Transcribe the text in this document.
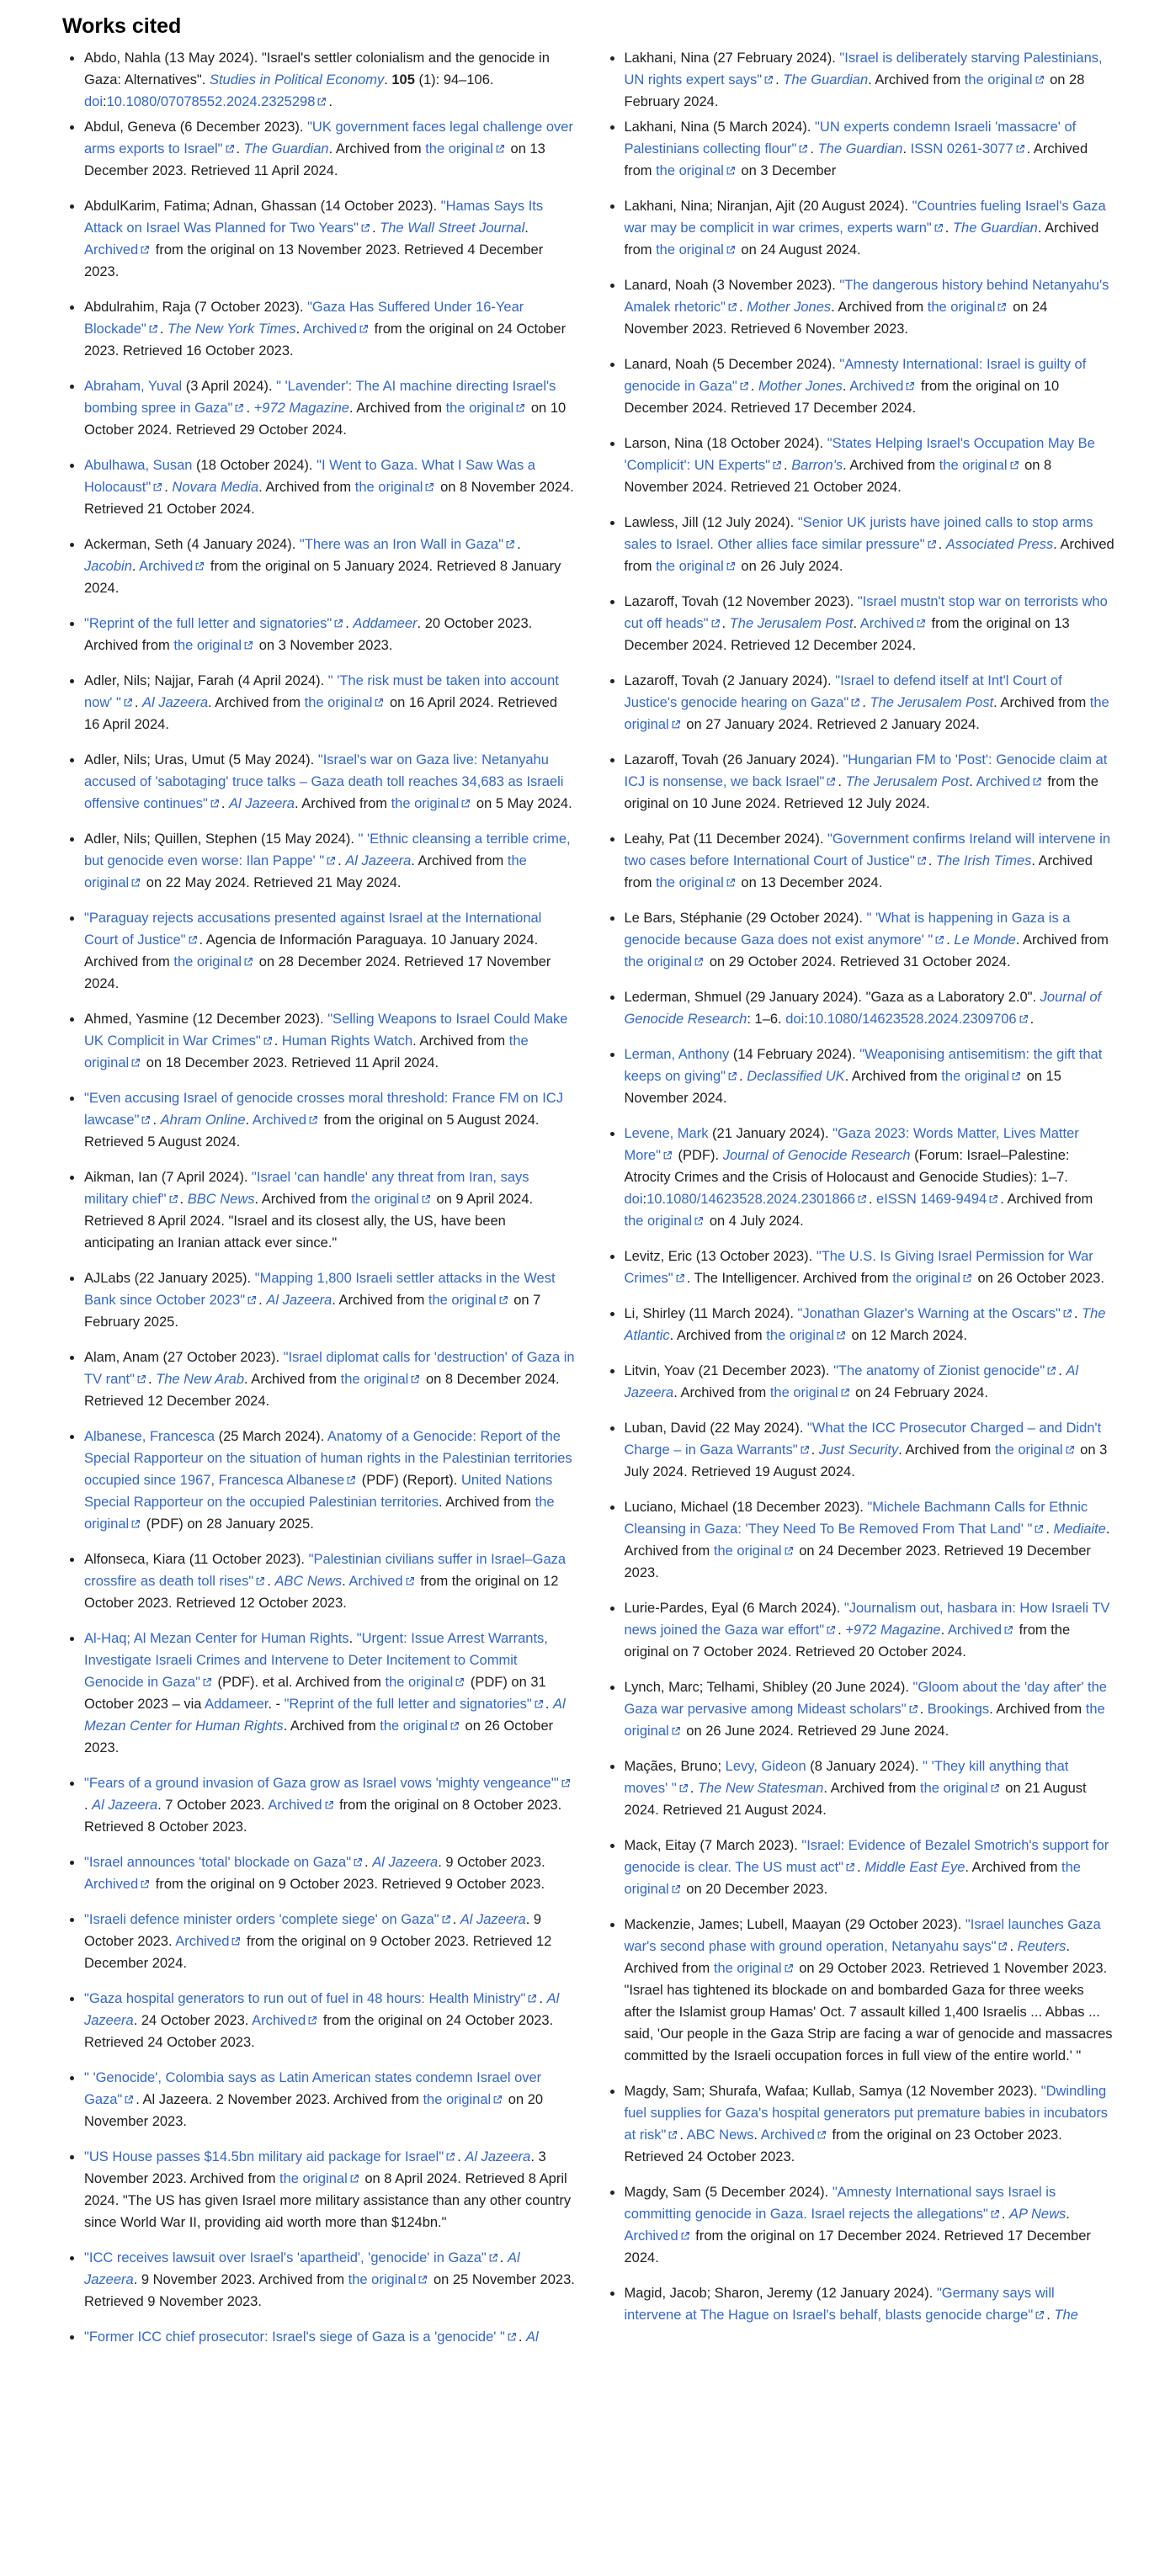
Works cited
Abdo, Nahla (13 May 2024). "Israel's settler colonialism and the genocide in Gaza: Alternatives". Studies in Political Economy. 105 (1): 94–106. doi:10.1080/07078552.2024.2325298 .
Abdul, Geneva (6 December 2023). "UK government faces legal challenge over arms exports to Israel" . The Guardian. Archived from the original
on 13 December 2023. Retrieved 11 April 2024.
AbdulKarim, Fatima; Adnan, Ghassan (14 October 2023). "Hamas Says Its Attack on Israel Was Planned for Two Years" . The Wall Street Journal. Archived
from the original on 13 November 2023. Retrieved 4 December 2023.
Abdulrahim, Raja (7 October 2023). "Gaza Has Suffered Under 16-Year Blockade" . The New York Times. Archived
from the original on 24 October 2023. Retrieved 16 October 2023.
Abraham, Yuval (3 April 2024). " 'Lavender': The AI machine directing Israel's bombing spree in Gaza" . +972 Magazine. Archived from the original
on 10 October 2024. Retrieved 29 October 2024.
Abulhawa, Susan (18 October 2024). "I Went to Gaza. What I Saw Was a Holocaust" . Novara Media. Archived from the original
on 8 November 2024. Retrieved 21 October 2024.
Ackerman, Seth (4 January 2024). "There was an Iron Wall in Gaza" . Jacobin. Archived
from the original on 5 January 2024. Retrieved 8 January 2024.
"Reprint of the full letter and signatories" . Addameer. 20 October 2023. Archived from the original
on 3 November 2023.
Adler, Nils; Najjar, Farah (4 April 2024). " 'The risk must be taken into account now' " . Al Jazeera. Archived from the original
on 16 April 2024. Retrieved 16 April 2024.
Adler, Nils; Uras, Umut (5 May 2024). "Israel's war on Gaza live: Netanyahu accused of 'sabotaging' truce talks – Gaza death toll reaches 34,683 as Israeli offensive continues" . Al Jazeera. Archived from the original
on 5 May 2024.
Adler, Nils; Quillen, Stephen (15 May 2024). " 'Ethnic cleansing a terrible crime, but genocide even worse: Ilan Pappe' " . Al Jazeera. Archived from the original
on 22 May 2024. Retrieved 21 May 2024.
"Paraguay rejects accusations presented against Israel at the International Court of Justice" . Agencia de Información Paraguaya. 10 January 2024. Archived from the original
on 28 December 2024. Retrieved 17 November 2024.
Ahmed, Yasmine (12 December 2023). "Selling Weapons to Israel Could Make UK Complicit in War Crimes" . Human Rights Watch. Archived from the original
on 18 December 2023. Retrieved 11 April 2024.
"Even accusing Israel of genocide crosses moral threshold: France FM on ICJ lawcase" . Ahram Online. Archived
from the original on 5 August 2024. Retrieved 5 August 2024.
Aikman, Ian (7 April 2024). "Israel 'can handle' any threat from Iran, says military chief" . BBC News. Archived from the original
on 9 April 2024. Retrieved 8 April 2024. "Israel and its closest ally, the US, have been anticipating an Iranian attack ever since."
AJLabs (22 January 2025). "Mapping 1,800 Israeli settler attacks in the West Bank since October 2023" . Al Jazeera. Archived from the original
on 7 February 2025.
Alam, Anam (27 October 2023). "Israel diplomat calls for 'destruction' of Gaza in TV rant" . The New Arab. Archived from the original
on 8 December 2024. Retrieved 12 December 2024.
Albanese, Francesca (25 March 2024). Anatomy of a Genocide: Report of the Special Rapporteur on the situation of human rights in the Palestinian territories occupied since 1967, Francesca Albanese
(PDF) (Report). United Nations Special Rapporteur on the occupied Palestinian territories. Archived from the original
(PDF) on 28 January 2025.
Alfonseca, Kiara (11 October 2023). "Palestinian civilians suffer in Israel–Gaza crossfire as death toll rises" . ABC News. Archived
from the original on 12 October 2023. Retrieved 12 October 2023.
Al-Haq; Al Mezan Center for Human Rights. "Urgent: Issue Arrest Warrants, Investigate Israeli Crimes and Intervene to Deter Incitement to Commit Genocide in Gaza"
(PDF). et al. Archived from the original
(PDF) on 31 October 2023 – via Addameer. - "Reprint of the full letter and signatories" . Al Mezan Center for Human Rights. Archived from the original
on 26 October 2023.
"Fears of a ground invasion of Gaza grow as Israel vows 'mighty vengeance'"
. Al Jazeera. 7 October 2023. Archived
from the original on 8 October 2023. Retrieved 8 October 2023.
"Israel announces 'total' blockade on Gaza" . Al Jazeera. 9 October 2023. Archived
from the original on 9 October 2023. Retrieved 9 October 2023.
"Israeli defence minister orders 'complete siege' on Gaza" . Al Jazeera. 9 October 2023. Archived
from the original on 9 October 2023. Retrieved 12 December 2024.
"Gaza hospital generators to run out of fuel in 48 hours: Health Ministry" . Al Jazeera. 24 October 2023. Archived
from the original on 24 October 2023. Retrieved 24 October 2023.
" 'Genocide', Colombia says as Latin American states condemn Israel over Gaza" . Al Jazeera. 2 November 2023. Archived from the original
on 20 November 2023.
"US House passes $14.5bn military aid package for Israel" . Al Jazeera. 3 November 2023. Archived from the original
on 8 April 2024. Retrieved 8 April 2024. "The US has given Israel more military assistance than any other country since World War II, providing aid worth more than $124bn."
"ICC receives lawsuit over Israel's 'apartheid', 'genocide' in Gaza" . Al Jazeera. 9 November 2023. Archived from the original
on 25 November 2023. Retrieved 9 November 2023.
"Former ICC chief prosecutor: Israel's siege of Gaza is a 'genocide' " . Al
Lakhani, Nina (27 February 2024). "Israel is deliberately starving Palestinians, UN rights expert says" . The Guardian. Archived from the original
on 28 February 2024.
Lakhani, Nina (5 March 2024). "UN experts condemn Israeli 'massacre' of Palestinians collecting flour" . The Guardian. ISSN 0261-3077 . Archived from the original
on 3 December
Lakhani, Nina; Niranjan, Ajit (20 August 2024). "Countries fueling Israel's Gaza war may be complicit in war crimes, experts warn" . The Guardian. Archived from the original
on 24 August 2024.
Lanard, Noah (3 November 2023). "The dangerous history behind Netanyahu's Amalek rhetoric" . Mother Jones. Archived from the original
on 24 November 2023. Retrieved 6 November 2023.
Lanard, Noah (5 December 2024). "Amnesty International: Israel is guilty of genocide in Gaza" . Mother Jones. Archived
from the original on 10 December 2024. Retrieved 17 December 2024.
Larson, Nina (18 October 2024). "States Helping Israel's Occupation May Be 'Complicit': UN Experts" . Barron's. Archived from the original
on 8 November 2024. Retrieved 21 October 2024.
Lawless, Jill (12 July 2024). "Senior UK jurists have joined calls to stop arms sales to Israel. Other allies face similar pressure" . Associated Press. Archived from the original
on 26 July 2024.
Lazaroff, Tovah (12 November 2023). "Israel mustn't stop war on terrorists who cut off heads" . The Jerusalem Post. Archived
from the original on 13 December 2024. Retrieved 12 December 2024.
Lazaroff, Tovah (2 January 2024). "Israel to defend itself at Int'l Court of Justice's genocide hearing on Gaza" . The Jerusalem Post. Archived from the original
on 27 January 2024. Retrieved 2 January 2024.
Lazaroff, Tovah (26 January 2024). "Hungarian FM to 'Post': Genocide claim at ICJ is nonsense, we back Israel" . The Jerusalem Post. Archived
from the original on 10 June 2024. Retrieved 12 July 2024.
Leahy, Pat (11 December 2024). "Government confirms Ireland will intervene in two cases before International Court of Justice" . The Irish Times. Archived from the original
on 13 December 2024.
Le Bars, Stéphanie (29 October 2024). " 'What is happening in Gaza is a genocide because Gaza does not exist anymore' " . Le Monde. Archived from the original
on 29 October 2024. Retrieved 31 October 2024.
Lederman, Shmuel (29 January 2024). "Gaza as a Laboratory 2.0". Journal of Genocide Research: 1–6. doi:10.1080/14623528.2024.2309706 .
Lerman, Anthony (14 February 2024). "Weaponising antisemitism: the gift that keeps on giving" . Declassified UK. Archived from the original
on 15 November 2024.
Levene, Mark (21 January 2024). "Gaza 2023: Words Matter, Lives Matter More"
(PDF). Journal of Genocide Research (Forum: Israel–Palestine: Atrocity Crimes and the Crisis of Holocaust and Genocide Studies): 1–7. doi:10.1080/14623528.2024.2301866 . eISSN 1469-9494 . Archived from the original
on 4 July 2024.
Levitz, Eric (13 October 2023). "The U.S. Is Giving Israel Permission for War Crimes" . The Intelligencer. Archived from the original
on 26 October 2023.
Li, Shirley (11 March 2024). "Jonathan Glazer's Warning at the Oscars" . The Atlantic. Archived from the original
on 12 March 2024.
Litvin, Yoav (21 December 2023). "The anatomy of Zionist genocide" . Al Jazeera. Archived from the original
on 24 February 2024.
Luban, David (22 May 2024). "What the ICC Prosecutor Charged – and Didn't Charge – in Gaza Warrants" . Just Security. Archived from the original
on 3 July 2024. Retrieved 19 August 2024.
Luciano, Michael (18 December 2023). "Michele Bachmann Calls for Ethnic Cleansing in Gaza: 'They Need To Be Removed From That Land' " . Mediaite. Archived from the original
on 24 December 2023. Retrieved 19 December 2023.
Lurie-Pardes, Eyal (6 March 2024). "Journalism out, hasbara in: How Israeli TV news joined the Gaza war effort" . +972 Magazine. Archived
from the original on 7 October 2024. Retrieved 20 October 2024.
Lynch, Marc; Telhami, Shibley (20 June 2024). "Gloom about the 'day after' the Gaza war pervasive among Mideast scholars" . Brookings. Archived from the original
on 26 June 2024. Retrieved 29 June 2024.
Maçães, Bruno; Levy, Gideon (8 January 2024). " 'They kill anything that moves' " . The New Statesman. Archived from the original
on 21 August 2024. Retrieved 21 August 2024.
Mack, Eitay (7 March 2023). "Israel: Evidence of Bezalel Smotrich's support for genocide is clear. The US must act" . Middle East Eye. Archived from the original
on 20 December 2023.
Mackenzie, James; Lubell, Maayan (29 October 2023). "Israel launches Gaza war's second phase with ground operation, Netanyahu says" . Reuters. Archived from the original
on 29 October 2023. Retrieved 1 November 2023. "Israel has tightened its blockade on and bombarded Gaza for three weeks after the Islamist group Hamas' Oct. 7 assault killed 1,400 Israelis ... Abbas ... said, 'Our people in the Gaza Strip are facing a war of genocide and massacres committed by the Israeli occupation forces in full view of the entire world.' "
Magdy, Sam; Shurafa, Wafaa; Kullab, Samya (12 November 2023). "Dwindling fuel supplies for Gaza's hospital generators put premature babies in incubators at risk" . ABC News. Archived
from the original on 23 October 2023. Retrieved 24 October 2023.
Magdy, Sam (5 December 2024). "Amnesty International says Israel is committing genocide in Gaza. Israel rejects the allegations" . AP News. Archived
from the original on 17 December 2024. Retrieved 17 December 2024.
Magid, Jacob; Sharon, Jeremy (12 January 2024). "Germany says will intervene at The Hague on Israel's behalf, blasts genocide charge" . The
